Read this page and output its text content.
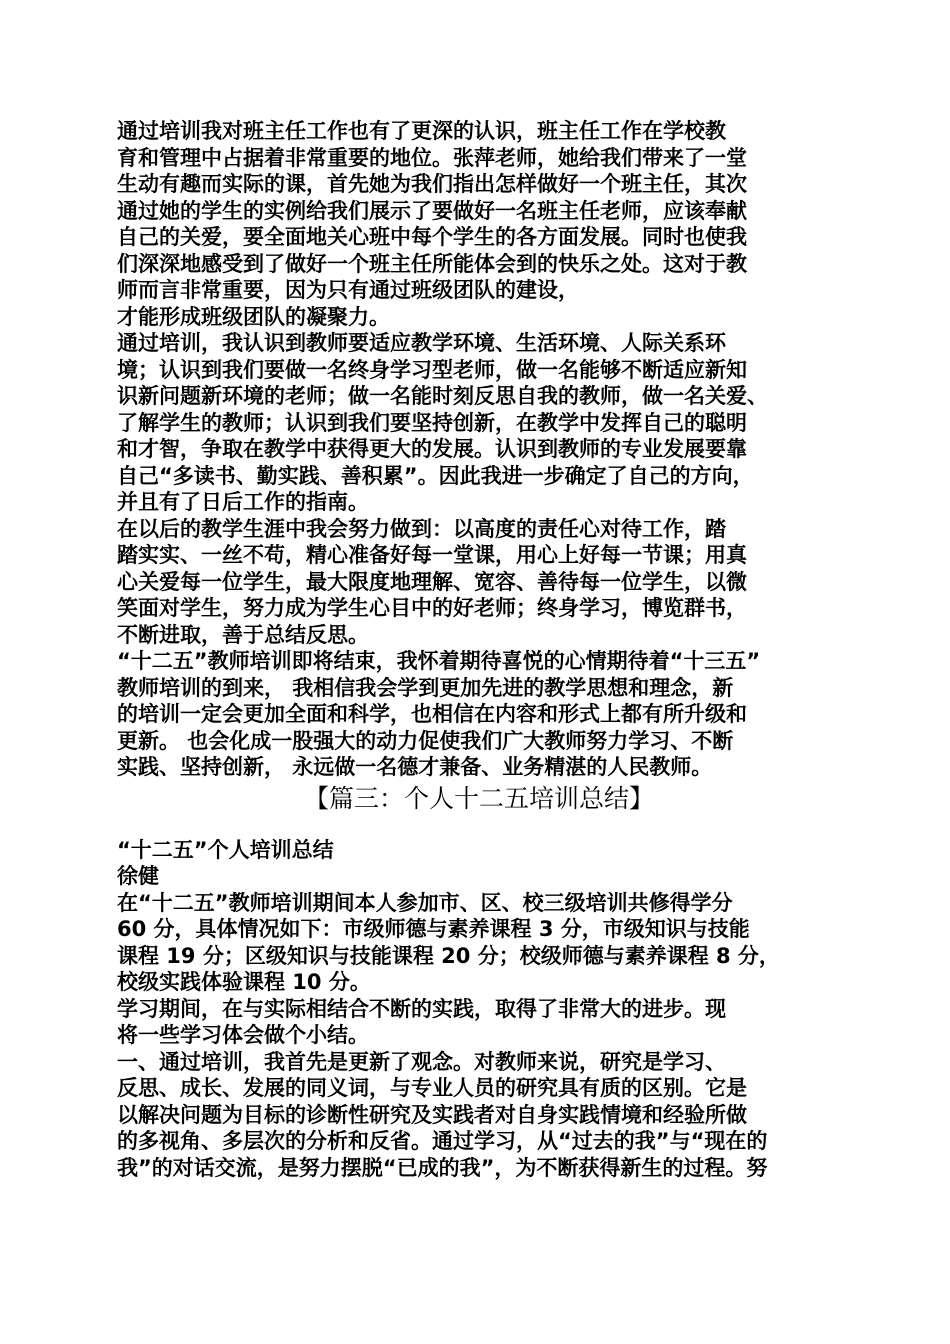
通过培训我对班主任工作也有了更深的认识，班主任工作在学校教
育和管理中占据着非常重要的地位。张萍老师，她给我们带来了一堂
生动有趣而实际的课，首先她为我们指出怎样做好一个班主任，其次
通过她的学生的实例给我们展示了要做好一名班主任老师，应该奉献
自己的关爱，要全面地关心班中每个学生的各方面发展。同时也使我
们深深地感受到了做好一个班主任所能体会到的快乐之处。这对于教
师而言非常重要，因为只有通过班级团队的建设，
才能形成班级团队的凝聚力。
通过培训，我认识到教师要适应教学环境、生活环境、人际关系环
境；认识到我们要做一名终身学习型老师，做一名能够不断适应新知
识新问题新环境的老师；做一名能时刻反思自我的教师，做一名关爱、
了解学生的教师；认识到我们要坚持创新，在教学中发挥自己的聪明
和才智，争取在教学中获得更大的发展。认识到教师的专业发展要靠
自己“多读书、勤实践、善积累”。因此我进一步确定了自己的方向，
并且有了日后工作的指南。
在以后的教学生涯中我会努力做到：以高度的责任心对待工作，踏
踏实实、一丝不苟，精心准备好每一堂课，用心上好每一节课；用真
心关爱每一位学生，最大限度地理解、宽容、善待每一位学生，以微
笑面对学生，努力成为学生心目中的好老师；终身学习，博览群书，
不断进取，善于总结反思。
“十二五”教师培训即将结束，我怀着期待喜悦的心情期待着“十三五”
教师培训的到来， 我相信我会学到更加先进的教学思想和理念，新
的培训一定会更加全面和科学，也相信在内容和形式上都有所升级和
更新。 也会化成一股强大的动力促使我们广大教师努力学习、不断
实践、坚持创新， 永远做一名德才兼备、业务精湛的人民教师。
【篇三：个人十二五培训总结】
“十二五”个人培训总结
徐健
在“十二五”教师培训期间本人参加市、区、校三级培训共修得学分
60 分，具体情况如下：市级师德与素养课程 3 分，市级知识与技能
课程 19 分；区级知识与技能课程 20 分；校级师德与素养课程 8 分，
校级实践体验课程 10 分。
学习期间，在与实际相结合不断的实践，取得了非常大的进步。现
将一些学习体会做个小结。
一、通过培训，我首先是更新了观念。对教师来说，研究是学习、
反思、成长、发展的同义词，与专业人员的研究具有质的区别。它是
以解决问题为目标的诊断性研究及实践者对自身实践情境和经验所做
的多视角、多层次的分析和反省。通过学习，从“过去的我”与“现在的
我”的对话交流，是努力摆脱“已成的我”，为不断获得新生的过程。努
